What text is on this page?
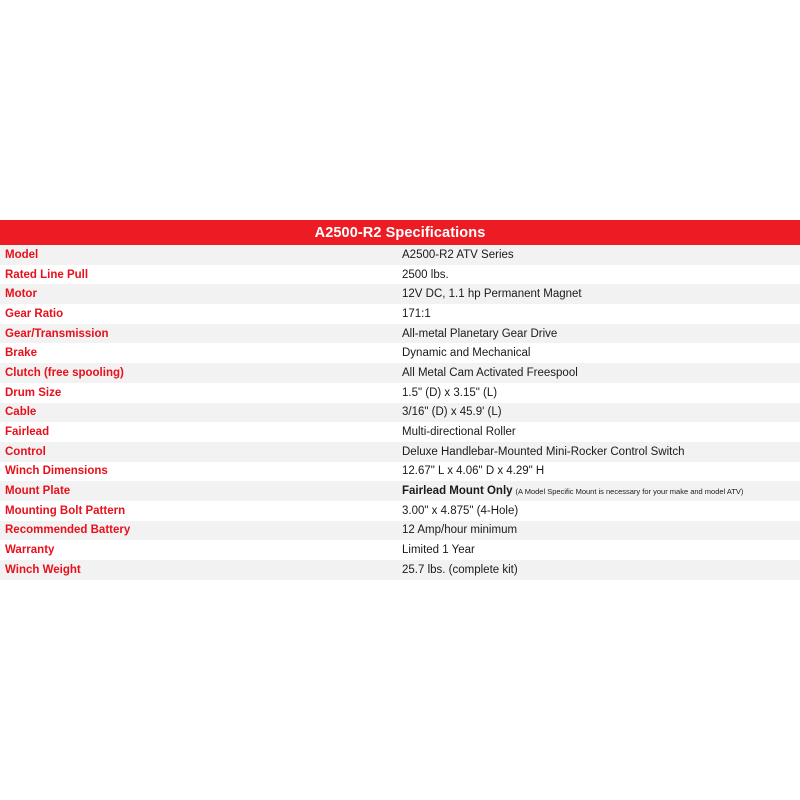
A2500-R2 Specifications	
Model	A2500-R2 ATV Series
Rated Line Pull	2500 lbs.
Motor	12V DC, 1.1 hp Permanent Magnet
Gear Ratio	171:1
Gear/Transmission	All-metal Planetary Gear Drive
Brake	Dynamic and Mechanical
Clutch (free spooling)	All Metal Cam Activated Freespool
Drum Size	1.5" (D) x 3.15" (L)
Cable	3/16" (D) x 45.9' (L)
Fairlead	Multi-directional Roller
Control	Deluxe Handlebar-Mounted Mini-Rocker Control Switch
Winch Dimensions	12.67" L x 4.06" D x 4.29" H
Mount Plate	Fairlead Mount Only (A Model Specific Mount is necessary for your make and model ATV)
Mounting Bolt Pattern	3.00" x 4.875" (4-Hole)
Recommended Battery	12 Amp/hour minimum
Warranty	Limited 1 Year
Winch Weight	25.7 lbs. (complete kit)
